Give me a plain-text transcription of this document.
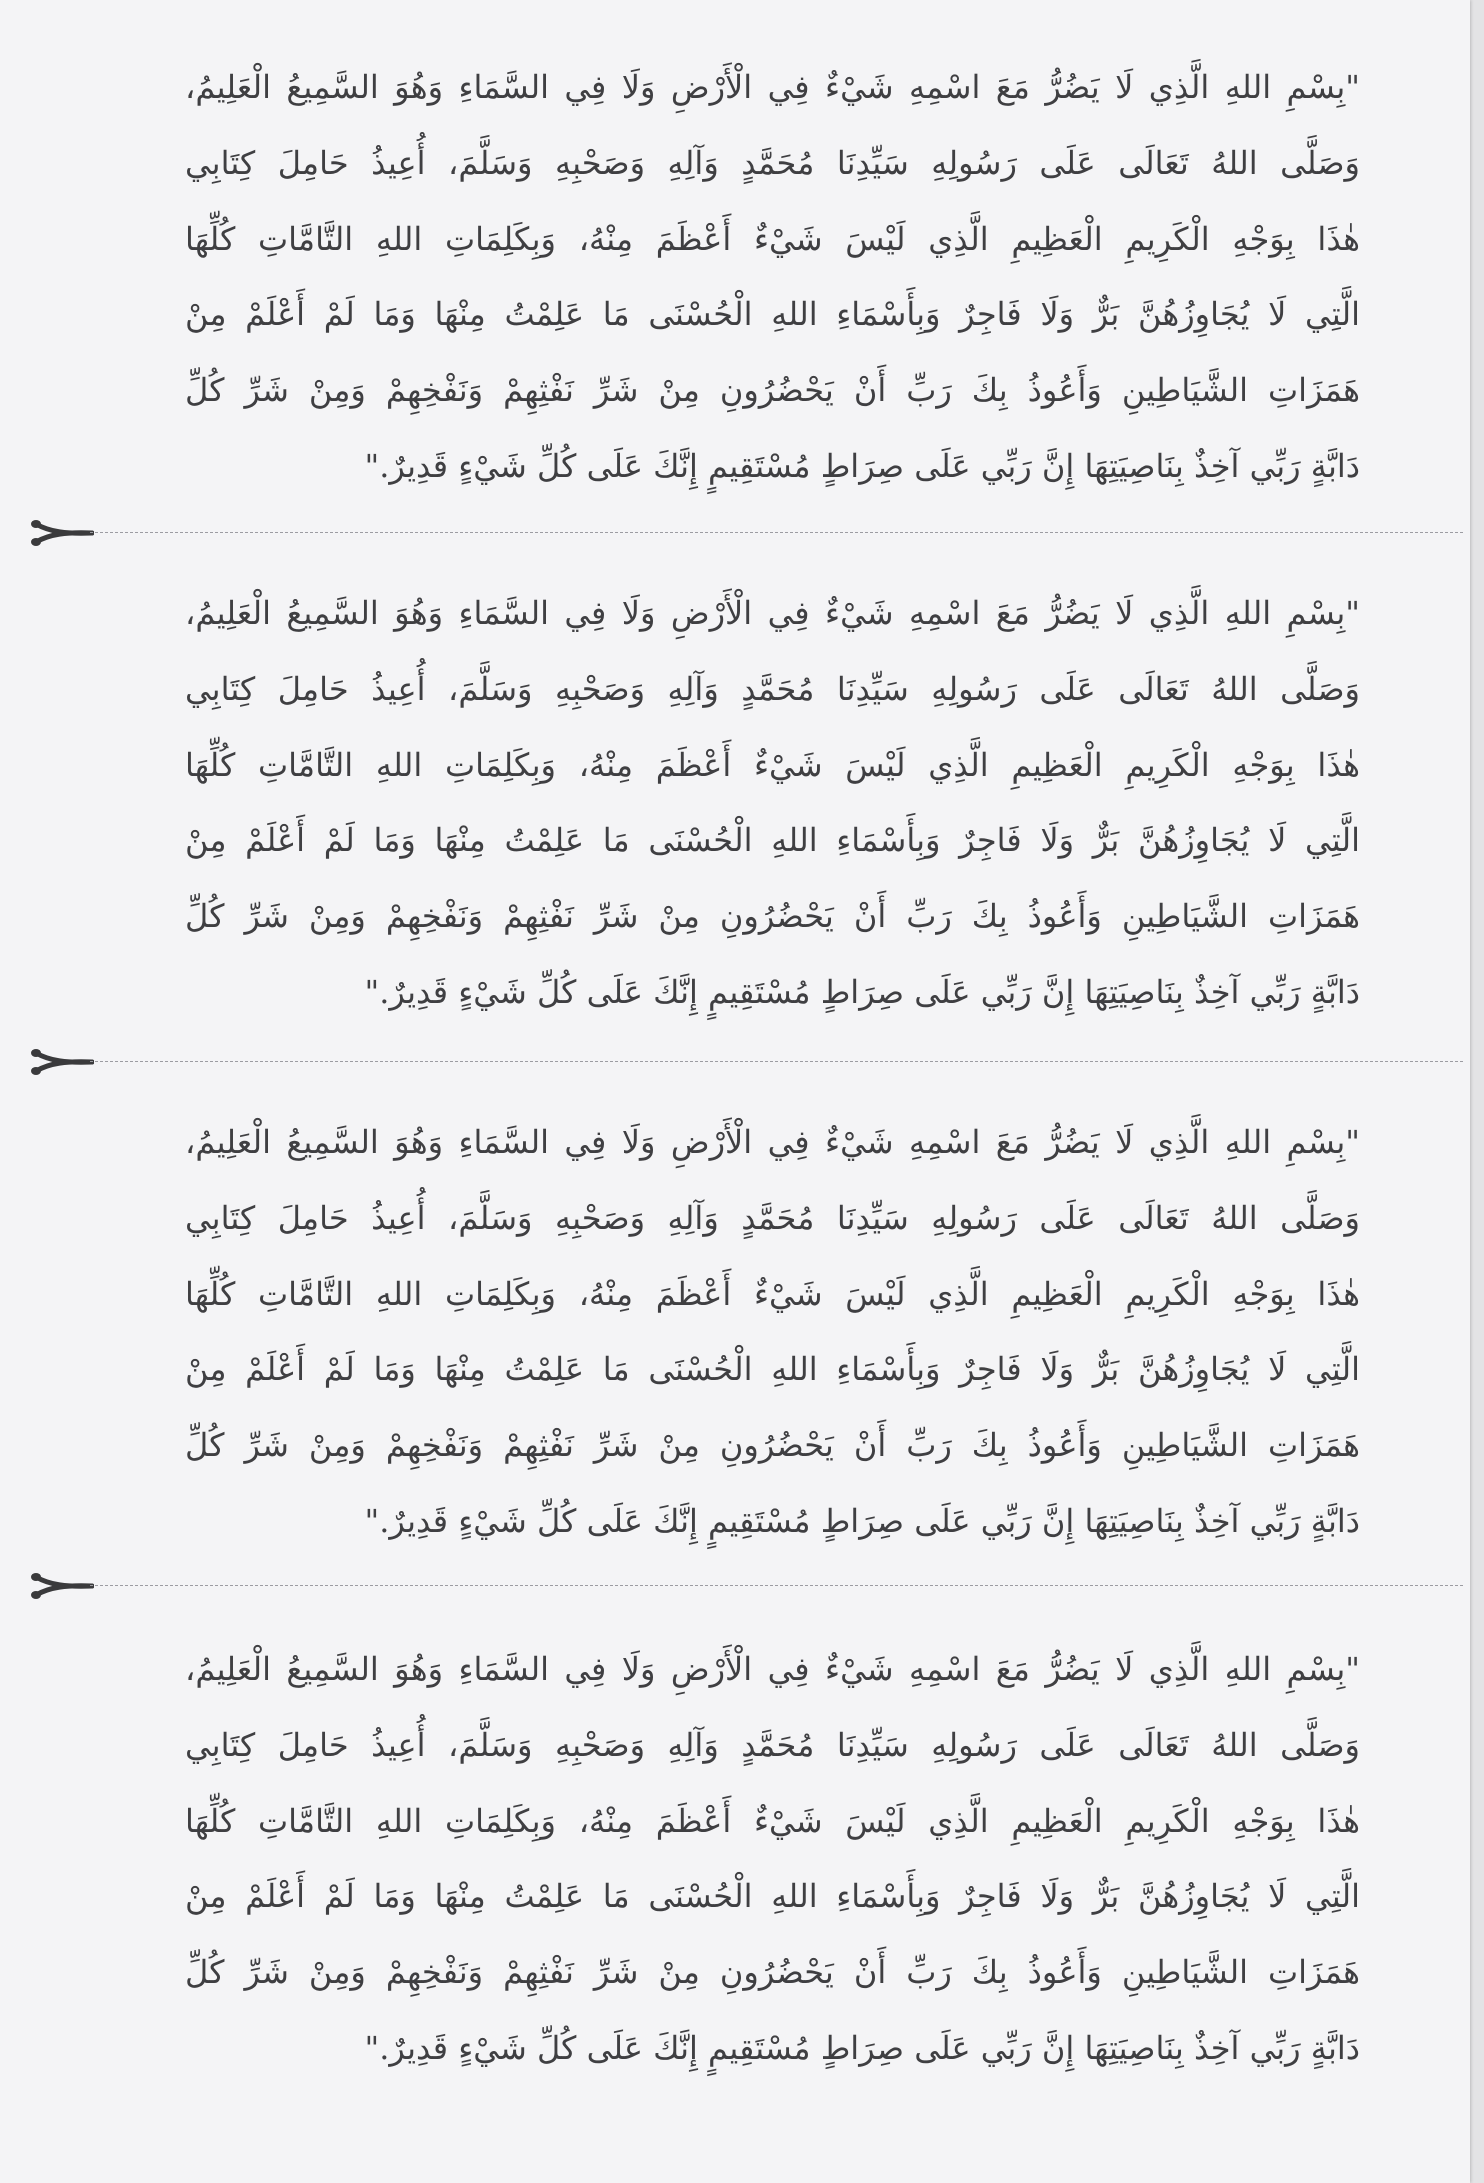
"بِسْمِ اللهِ الَّذِي لَا يَضُرُّ مَعَ اسْمِهِ شَيْءٌ فِي الْأَرْضِ وَلَا فِي السَّمَاءِ وَهُوَ السَّمِيعُ الْعَلِيمُ،
وَصَلَّى اللهُ تَعَالَى عَلَى رَسُولِهِ سَيِّدِنَا مُحَمَّدٍ وَآلِهِ وَصَحْبِهِ وَسَلَّمَ، أُعِيذُ حَامِلَ كِتَابِي
هٰذَا بِوَجْهِ الْكَرِيمِ الْعَظِيمِ الَّذِي لَيْسَ شَيْءٌ أَعْظَمَ مِنْهُ، وَبِكَلِمَاتِ اللهِ التَّامَّاتِ كُلِّهَا
الَّتِي لَا يُجَاوِزُهُنَّ بَرٌّ وَلَا فَاجِرٌ وَبِأَسْمَاءِ اللهِ الْحُسْنَى مَا عَلِمْتُ مِنْهَا وَمَا لَمْ أَعْلَمْ مِنْ
هَمَزَاتِ الشَّيَاطِينِ وَأَعُوذُ بِكَ رَبِّ أَنْ يَحْضُرُونِ مِنْ شَرِّ نَفْثِهِمْ وَنَفْخِهِمْ وَمِنْ شَرِّ كُلِّ
دَابَّةٍ رَبِّي آخِذٌ بِنَاصِيَتِهَا إِنَّ رَبِّي عَلَى صِرَاطٍ مُسْتَقِيمٍ إِنَّكَ عَلَى كُلِّ شَيْءٍ قَدِيرٌ."
"بِسْمِ اللهِ الَّذِي لَا يَضُرُّ مَعَ اسْمِهِ شَيْءٌ فِي الْأَرْضِ وَلَا فِي السَّمَاءِ وَهُوَ السَّمِيعُ الْعَلِيمُ،
وَصَلَّى اللهُ تَعَالَى عَلَى رَسُولِهِ سَيِّدِنَا مُحَمَّدٍ وَآلِهِ وَصَحْبِهِ وَسَلَّمَ، أُعِيذُ حَامِلَ كِتَابِي
هٰذَا بِوَجْهِ الْكَرِيمِ الْعَظِيمِ الَّذِي لَيْسَ شَيْءٌ أَعْظَمَ مِنْهُ، وَبِكَلِمَاتِ اللهِ التَّامَّاتِ كُلِّهَا
الَّتِي لَا يُجَاوِزُهُنَّ بَرٌّ وَلَا فَاجِرٌ وَبِأَسْمَاءِ اللهِ الْحُسْنَى مَا عَلِمْتُ مِنْهَا وَمَا لَمْ أَعْلَمْ مِنْ
هَمَزَاتِ الشَّيَاطِينِ وَأَعُوذُ بِكَ رَبِّ أَنْ يَحْضُرُونِ مِنْ شَرِّ نَفْثِهِمْ وَنَفْخِهِمْ وَمِنْ شَرِّ كُلِّ
دَابَّةٍ رَبِّي آخِذٌ بِنَاصِيَتِهَا إِنَّ رَبِّي عَلَى صِرَاطٍ مُسْتَقِيمٍ إِنَّكَ عَلَى كُلِّ شَيْءٍ قَدِيرٌ."
"بِسْمِ اللهِ الَّذِي لَا يَضُرُّ مَعَ اسْمِهِ شَيْءٌ فِي الْأَرْضِ وَلَا فِي السَّمَاءِ وَهُوَ السَّمِيعُ الْعَلِيمُ،
وَصَلَّى اللهُ تَعَالَى عَلَى رَسُولِهِ سَيِّدِنَا مُحَمَّدٍ وَآلِهِ وَصَحْبِهِ وَسَلَّمَ، أُعِيذُ حَامِلَ كِتَابِي
هٰذَا بِوَجْهِ الْكَرِيمِ الْعَظِيمِ الَّذِي لَيْسَ شَيْءٌ أَعْظَمَ مِنْهُ، وَبِكَلِمَاتِ اللهِ التَّامَّاتِ كُلِّهَا
الَّتِي لَا يُجَاوِزُهُنَّ بَرٌّ وَلَا فَاجِرٌ وَبِأَسْمَاءِ اللهِ الْحُسْنَى مَا عَلِمْتُ مِنْهَا وَمَا لَمْ أَعْلَمْ مِنْ
هَمَزَاتِ الشَّيَاطِينِ وَأَعُوذُ بِكَ رَبِّ أَنْ يَحْضُرُونِ مِنْ شَرِّ نَفْثِهِمْ وَنَفْخِهِمْ وَمِنْ شَرِّ كُلِّ
دَابَّةٍ رَبِّي آخِذٌ بِنَاصِيَتِهَا إِنَّ رَبِّي عَلَى صِرَاطٍ مُسْتَقِيمٍ إِنَّكَ عَلَى كُلِّ شَيْءٍ قَدِيرٌ."
"بِسْمِ اللهِ الَّذِي لَا يَضُرُّ مَعَ اسْمِهِ شَيْءٌ فِي الْأَرْضِ وَلَا فِي السَّمَاءِ وَهُوَ السَّمِيعُ الْعَلِيمُ،
وَصَلَّى اللهُ تَعَالَى عَلَى رَسُولِهِ سَيِّدِنَا مُحَمَّدٍ وَآلِهِ وَصَحْبِهِ وَسَلَّمَ، أُعِيذُ حَامِلَ كِتَابِي
هٰذَا بِوَجْهِ الْكَرِيمِ الْعَظِيمِ الَّذِي لَيْسَ شَيْءٌ أَعْظَمَ مِنْهُ، وَبِكَلِمَاتِ اللهِ التَّامَّاتِ كُلِّهَا
الَّتِي لَا يُجَاوِزُهُنَّ بَرٌّ وَلَا فَاجِرٌ وَبِأَسْمَاءِ اللهِ الْحُسْنَى مَا عَلِمْتُ مِنْهَا وَمَا لَمْ أَعْلَمْ مِنْ
هَمَزَاتِ الشَّيَاطِينِ وَأَعُوذُ بِكَ رَبِّ أَنْ يَحْضُرُونِ مِنْ شَرِّ نَفْثِهِمْ وَنَفْخِهِمْ وَمِنْ شَرِّ كُلِّ
دَابَّةٍ رَبِّي آخِذٌ بِنَاصِيَتِهَا إِنَّ رَبِّي عَلَى صِرَاطٍ مُسْتَقِيمٍ إِنَّكَ عَلَى كُلِّ شَيْءٍ قَدِيرٌ."
